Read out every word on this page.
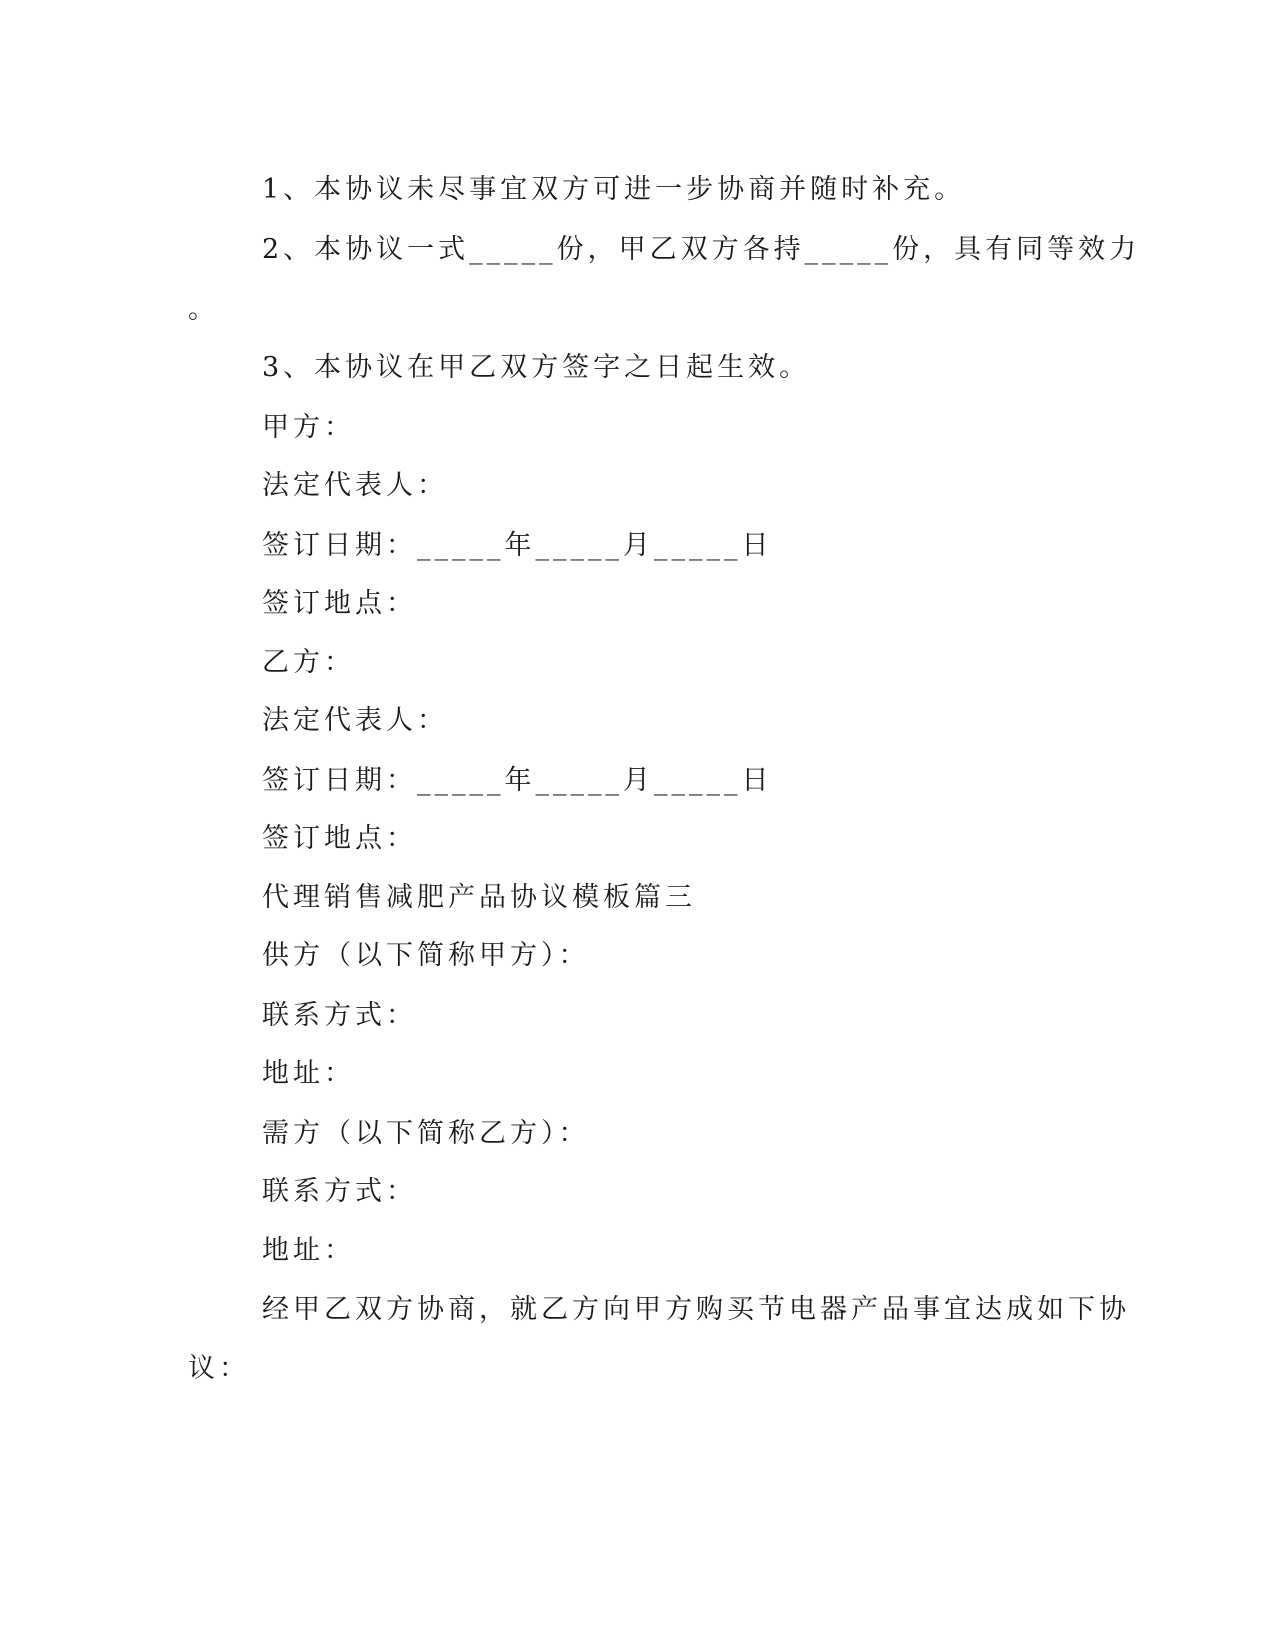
1、本协议未尽事宜双方可进一步协商并随时补充。
2、本协议一式_____份，甲乙双方各持_____份，具有同等效力
。
3、本协议在甲乙双方签字之日起生效。
甲方：
法定代表人：
签订日期：_____年_____月_____日
签订地点：
乙方：
法定代表人：
签订日期：_____年_____月_____日
签订地点：
代理销售减肥产品协议模板篇三
供方（以下简称甲方）：
联系方式：
地址：
需方（以下简称乙方）：
联系方式：
地址：
经甲乙双方协商，就乙方向甲方购买节电器产品事宜达成如下协
议：
